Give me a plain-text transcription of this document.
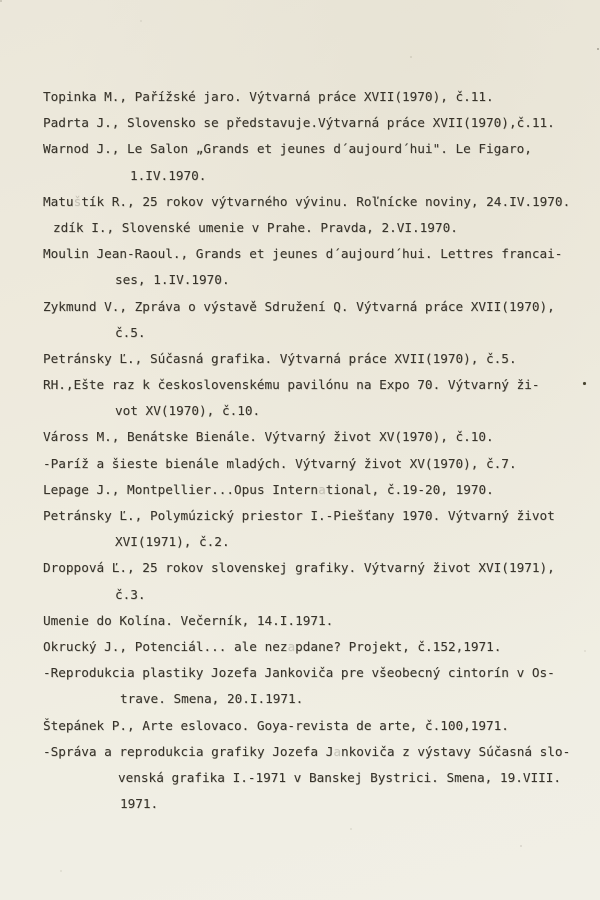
Topinka M., Pařížské jaro. Výtvarná práce XVII(1970), č.11.
Padrta J., Slovensko se představuje.Výtvarná práce XVII(1970),č.11.
Warnod J., Le Salon „Grands et jeunes d´aujourd´hui". Le Figaro,
1.IV.1970.
Matuštík R., 25 rokov výtvarného vývinu. Roľnícke noviny, 24.IV.1970.
zdík I., Slovenské umenie v Prahe. Pravda, 2.VI.1970.
Moulin Jean-Raoul., Grands et jeunes d´aujourd´hui. Lettres francai-
ses, 1.IV.1970.
Zykmund V., Zpráva o výstavě Sdružení Q. Výtvarná práce XVII(1970),
č.5.
Petránsky Ľ., Súčasná grafika. Výtvarná práce XVII(1970), č.5.
RH.,Ešte raz k československému pavilónu na Expo 70. Výtvarný ži-
vot XV(1970), č.10.
Váross M., Benátske Bienále. Výtvarný život XV(1970), č.10.
-Paríž a šieste bienále mladých. Výtvarný život XV(1970), č.7.
Lepage J., Montpellier...Opus International, č.19-20, 1970.
Petránsky Ľ., Polymúzický priestor I.-Piešťany 1970. Výtvarný život
XVI(1971), č.2.
Droppová Ľ., 25 rokov slovenskej grafiky. Výtvarný život XVI(1971),
č.3.
Umenie do Kolína. Večerník, 14.I.1971.
Okrucký J., Potenciál... ale nezapdane? Projekt, č.152,1971.
-Reprodukcia plastiky Jozefa Jankoviča pre všeobecný cintorín v Os-
trave. Smena, 20.I.1971.
Štepánek P., Arte eslovaco. Goya-revista de arte, č.100,1971.
-Správa a reprodukcia grafiky Jozefa Jankoviča z výstavy Súčasná slo-
venská grafika I.-1971 v Banskej Bystrici. Smena, 19.VIII.
1971.
